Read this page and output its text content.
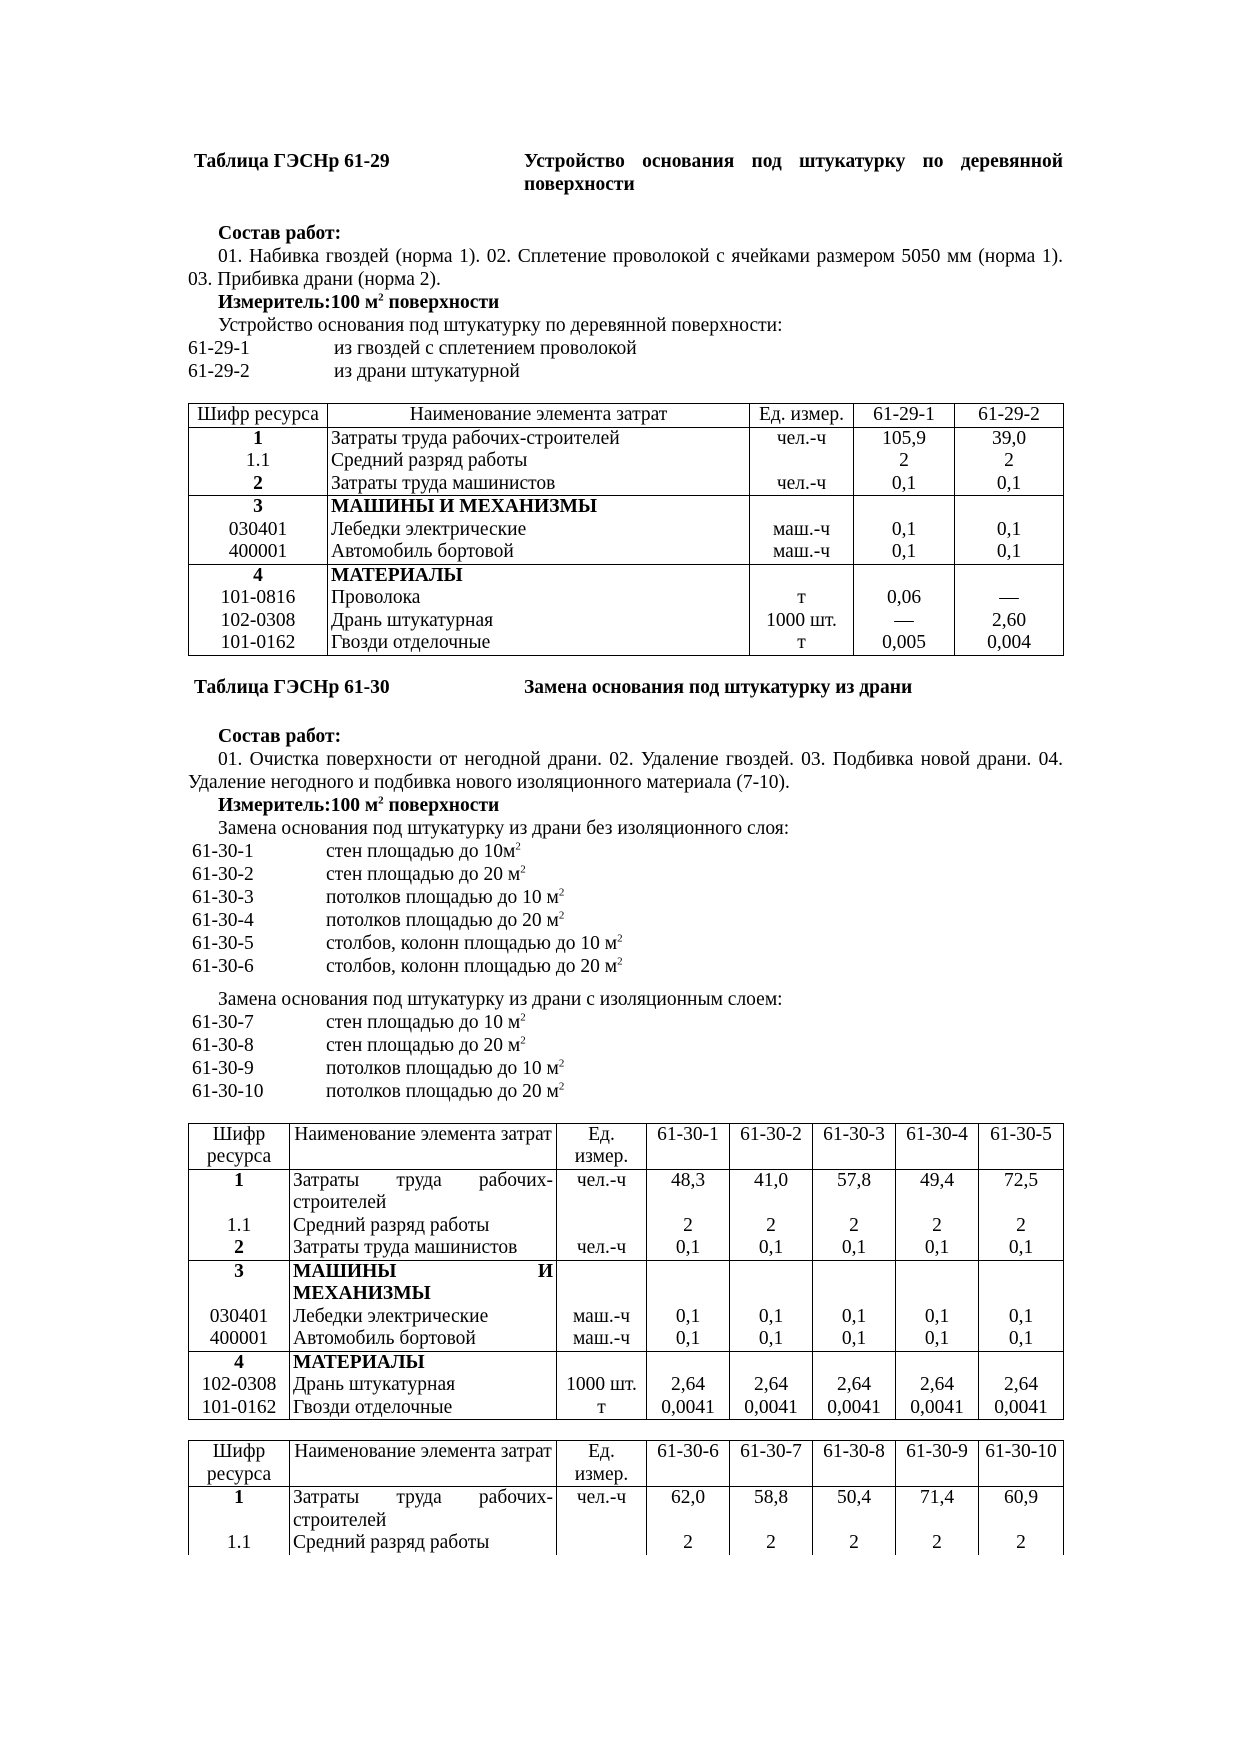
Таблица ГЭСНр 61-29	Устройство основания под штукатурку по деревянной поверхности
Состав работ:
01. Набивка гвоздей (норма 1). 02. Сплетение проволокой с ячейками размером 5050 мм (норма 1). 03. Прибивка драни (норма 2).
Измеритель:100 $м^2$ поверхности
Устройство основания под штукатурку по деревянной поверхности:
61-29-1	из гвоздей с сплетением проволокой
61-29-2	из драни штукатурной
Шифр ресурса	Наименование элемента затрат	Ед. измер.	61-29-1	61-29-2
1	Затраты труда рабочих-строителей	чел.-ч	105,9	39,0
1.1	Средний разряд работы		2	2
2	Затраты труда машинистов	чел.-ч	0,1	0,1
3	МАШИНЫ И МЕХАНИЗМЫ			
030401	Лебедки электрические	маш.-ч	0,1	0,1
400001	Автомобиль бортовой	маш.-ч	0,1	0,1
4	МАТЕРИАЛЫ			
101-0816	Проволока	т	0,06	—
102-0308	Дрань штукатурная	1000 шт.	—	2,60
101-0162	Гвозди отделочные	т	0,005	0,004
Таблица ГЭСНр 61-30	Замена основания под штукатурку из драни
Состав работ:
01. Очистка поверхности от негодной драни. 02. Удаление гвоздей. 03. Подбивка новой драни. 04. Удаление негодного и подбивка нового изоляционного материала (7-10).
Измеритель:100 $м^2$ поверхности
Замена основания под штукатурку из драни без изоляционного слоя:
61-30-1	стен площадью до $10м^2$
61-30-2	стен площадью до 20 $м^2$
61-30-3	потолков площадью до 10 $м^2$
61-30-4	потолков площадью до 20 $м^2$
61-30-5	столбов, колонн площадью до 10 $м^2$
61-30-6	столбов, колонн площадью до 20 $м^2$
Замена основания под штукатурку из драни с изоляционным слоем:
61-30-7	стен площадью до 10 $м^2$
61-30-8	стен площадью до 20 $м^2$
61-30-9	потолков площадью до 10 $м^2$
61-30-10	потолков площадью до 20 $м^2$
Шифр ресурса	Наименование элемента затрат	Ед. измер.	61-30-1	61-30-2	61-30-3	61-30-4	61-30-5
1	Затраты труда рабочих-строителей	чел.-ч	48,3	41,0	57,8	49,4	72,5
1.1	Средний разряд работы		2	2	2	2	2
2	Затраты труда машинистов	чел.-ч	0,1	0,1	0,1	0,1	0,1
3	МАШИНЫ И МЕХАНИЗМЫ						
030401	Лебедки электрические	маш.-ч	0,1	0,1	0,1	0,1	0,1
400001	Автомобиль бортовой	маш.-ч	0,1	0,1	0,1	0,1	0,1
4	МАТЕРИАЛЫ						
102-0308	Дрань штукатурная	1000 шт.	2,64	2,64	2,64	2,64	2,64
101-0162	Гвозди отделочные	т	0,0041	0,0041	0,0041	0,0041	0,0041
Шифр ресурса	Наименование элемента затрат	Ед. измер.	61-30-6	61-30-7	61-30-8	61-30-9	61-30-10
1	Затраты труда рабочих-строителей	чел.-ч	62,0	58,8	50,4	71,4	60,9
1.1	Средний разряд работы		2	2	2	2	2
